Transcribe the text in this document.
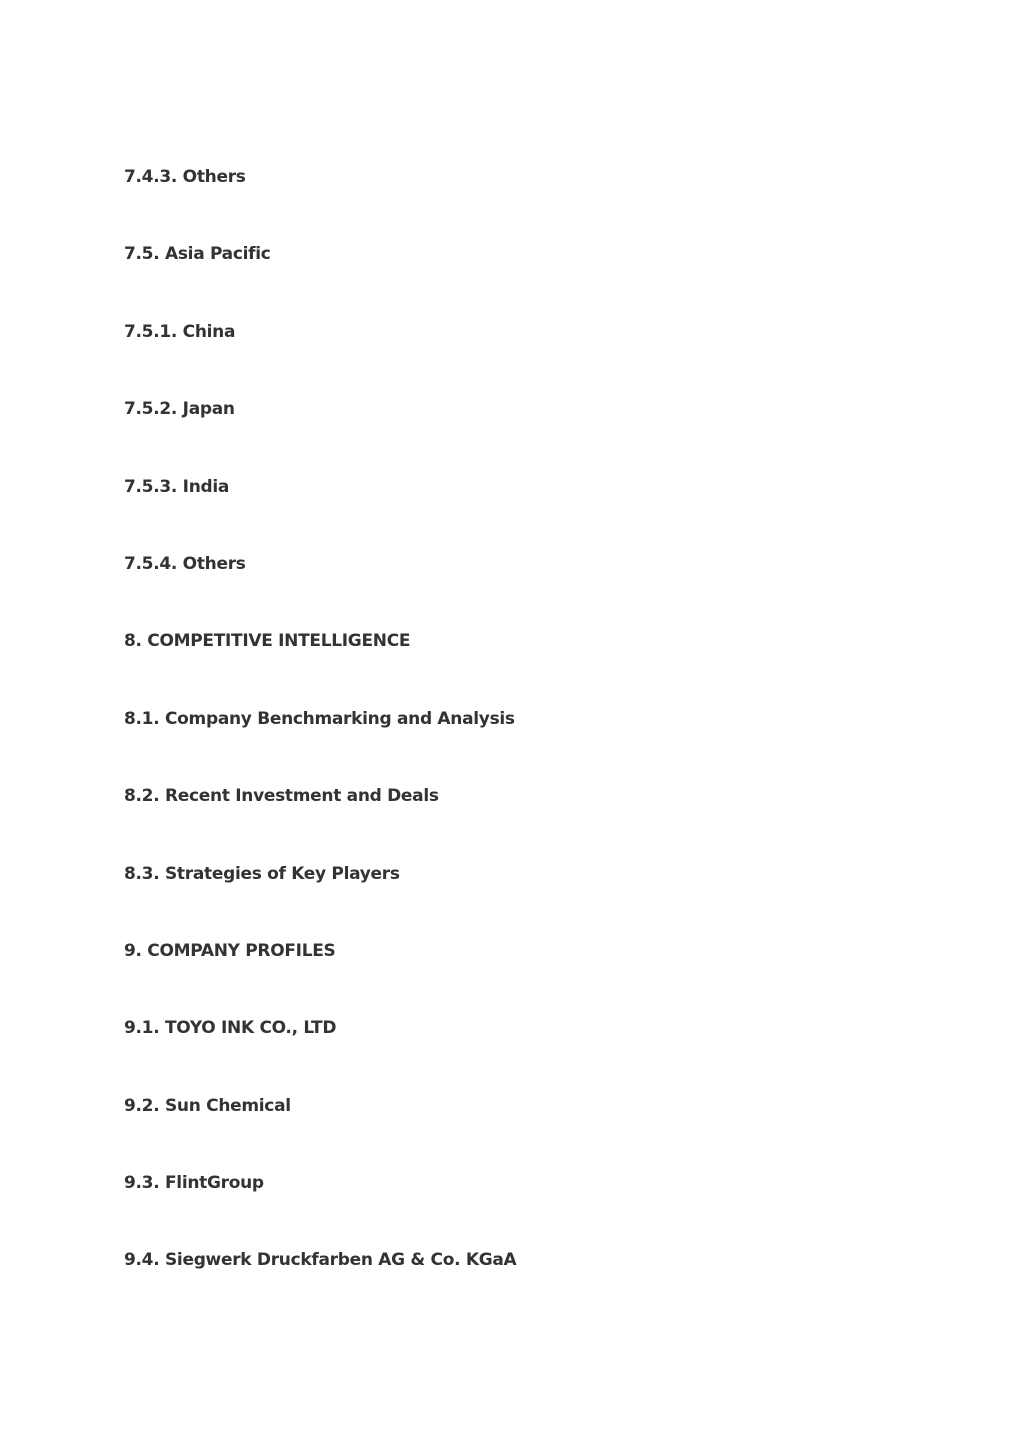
7.4.3. Others
7.5. Asia Pacific
7.5.1. China
7.5.2. Japan
7.5.3. India
7.5.4. Others
8. COMPETITIVE INTELLIGENCE
8.1. Company Benchmarking and Analysis
8.2. Recent Investment and Deals
8.3. Strategies of Key Players
9. COMPANY PROFILES
9.1. TOYO INK CO., LTD
9.2. Sun Chemical
9.3. FlintGroup
9.4. Siegwerk Druckfarben AG & Co. KGaA
